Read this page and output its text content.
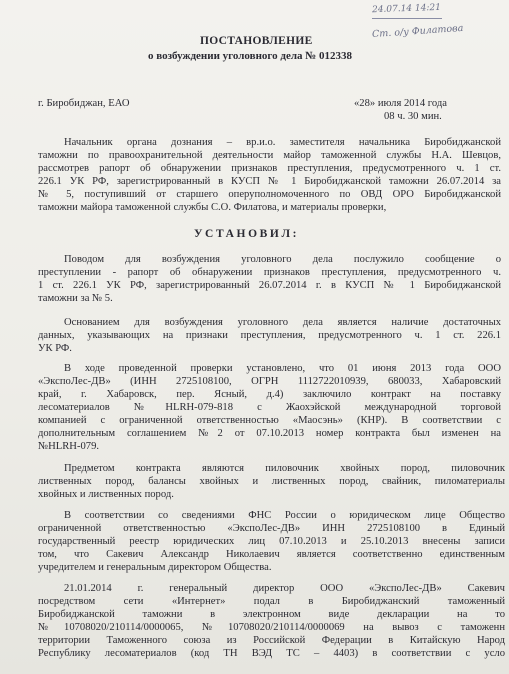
24.07.14 14:21
Ст. о/у Филатова
ПОСТАНОВЛЕНИЕ
о возбуждении уголовного дела № 012338
г. Биробиджан, ЕАО	«28» июля 2014 года
08 ч. 30 мин.
Начальник органа дознания – вр.и.о. заместителя начальника Биробиджанской
таможни по правоохранительной деятельности майор таможенной службы Н.А. Шевцов,
рассмотрев рапорт об обнаружении признаков преступления, предусмотренного ч. 1 ст.
226.1 УК РФ, зарегистрированный в КУСП № 1 Биробиджанской таможни 26.07.2014 за
№ 5, поступивший от старшего оперуполномоченного по ОВД ОРО Биробиджанской
таможни майора таможенной службы С.О. Филатова, и материалы проверки,
УСТАНОВИЛ:
Поводом для возбуждения уголовного дела послужило сообщение о
преступлении - рапорт об обнаружении признаков преступления, предусмотренного ч.
1 ст. 226.1 УК РФ, зарегистрированный 26.07.2014 г. в КУСП № 1 Биробиджанской
таможни за № 5.
Основанием для возбуждения уголовного дела является наличие достаточных
данных, указывающих на признаки преступления, предусмотренного ч. 1 ст. 226.1
УК РФ.
В ходе проведенной проверки установлено, что 01 июня 2013 года ООО
«ЭкспоЛес-ДВ» (ИНН 2725108100, ОГРН 1112722010939, 680033, Хабаровский
край, г. Хабаровск, пер. Ясный, д.4) заключило контракт на поставку
лесоматериалов №HLRH-079-818 с Жаохэйской международной торговой
компанией с ограниченной ответственностью «Маосэнь» (КНР). В соответствии с
дополнительным соглашением №2 от 07.10.2013 номер контракта был изменен на
№HLRH-079.
Предметом контракта являются пиловочник хвойных пород, пиловочник
лиственных пород, балансы хвойных и лиственных пород, свайник, пиломатериалы
хвойных и лиственных пород.
В соответствии со сведениями ФНС России о юридическом лице Общество
ограниченной ответственностью «ЭкспоЛес-ДВ» ИНН 2725108100 в Единый
государственный реестр юридических лиц 07.10.2013 и 25.10.2013 внесены записи
том, что Сакевич Александр Николаевич является соответственно единственным
учредителем и генеральным директором Общества.
21.01.2014 г. генеральный директор ООО «ЭкспоЛес-ДВ» Сакевич
посредством сети «Интернет» подал в Биробиджанский таможенный
Биробиджанской таможни в электронном виде декларации на то
№10708020/210114/0000065, №10708020/210114/0000069 на вывоз с таможенн
территории Таможенного союза из Российской Федерации в Китайскую Народ
Республику лесоматериалов (код ТН ВЭД ТС – 4403) в соответствии с усло
